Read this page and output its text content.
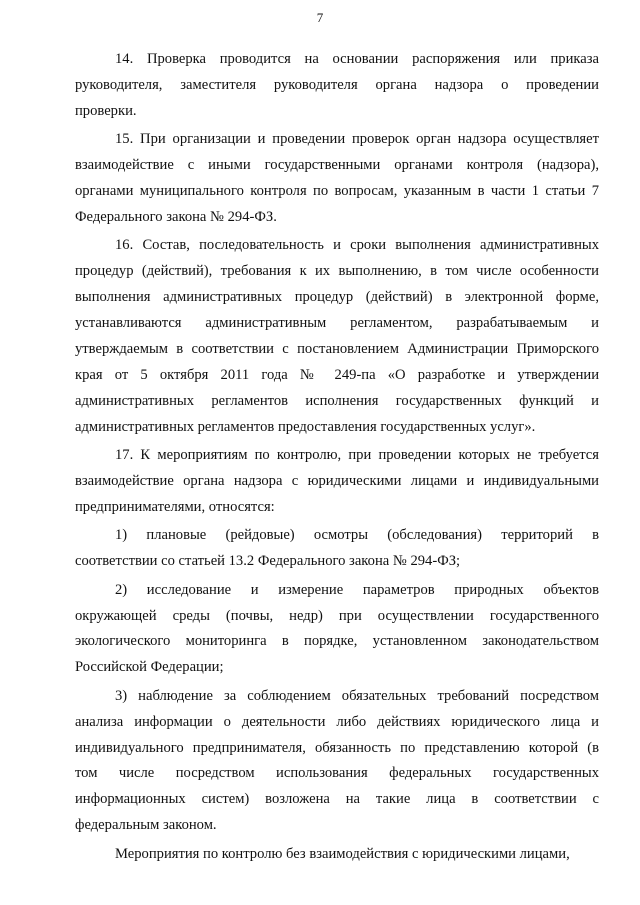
7

14. Проверка проводится на основании распоряжения или приказа
руководителя, заместителя руководителя органа надзора о проведении
проверки.

15. При организации и проведении проверок орган надзора осуществляет
взаимодействие с иными государственными органами контроля (надзора),
органами муниципального контроля по вопросам, указанным в части 1 статьи 7
Федерального закона № 294-ФЗ.

16. Состав, последовательность и сроки выполнения административных
процедур (действий), требования к их выполнению, в том числе особенности
выполнения административных процедур (действий) в электронной форме,
устанавливаются административным регламентом, разрабатываемым и
утверждаемым в соответствии с постановлением Администрации Приморского
края от 5 октября 2011 года № 249-па «О разработке и утверждении
административных регламентов исполнения государственных функций и
административных регламентов предоставления государственных услуг».

17. К мероприятиям по контролю, при проведении которых не требуется
взаимодействие органа надзора с юридическими лицами и индивидуальными
предпринимателями, относятся:

1) плановые (рейдовые) осмотры (обследования) территорий в
соответствии со статьей 13.2 Федерального закона № 294-ФЗ;

2) исследование и измерение параметров природных объектов
окружающей среды (почвы, недр) при осуществлении государственного
экологического мониторинга в порядке, установленном законодательством
Российской Федерации;

3) наблюдение за соблюдением обязательных требований посредством
анализа информации о деятельности либо действиях юридического лица и
индивидуального предпринимателя, обязанность по представлению которой (в
том числе посредством использования федеральных государственных
информационных систем) возложена на такие лица в соответствии с
федеральным законом.

Мероприятия по контролю без взаимодействия с юридическими лицами,
